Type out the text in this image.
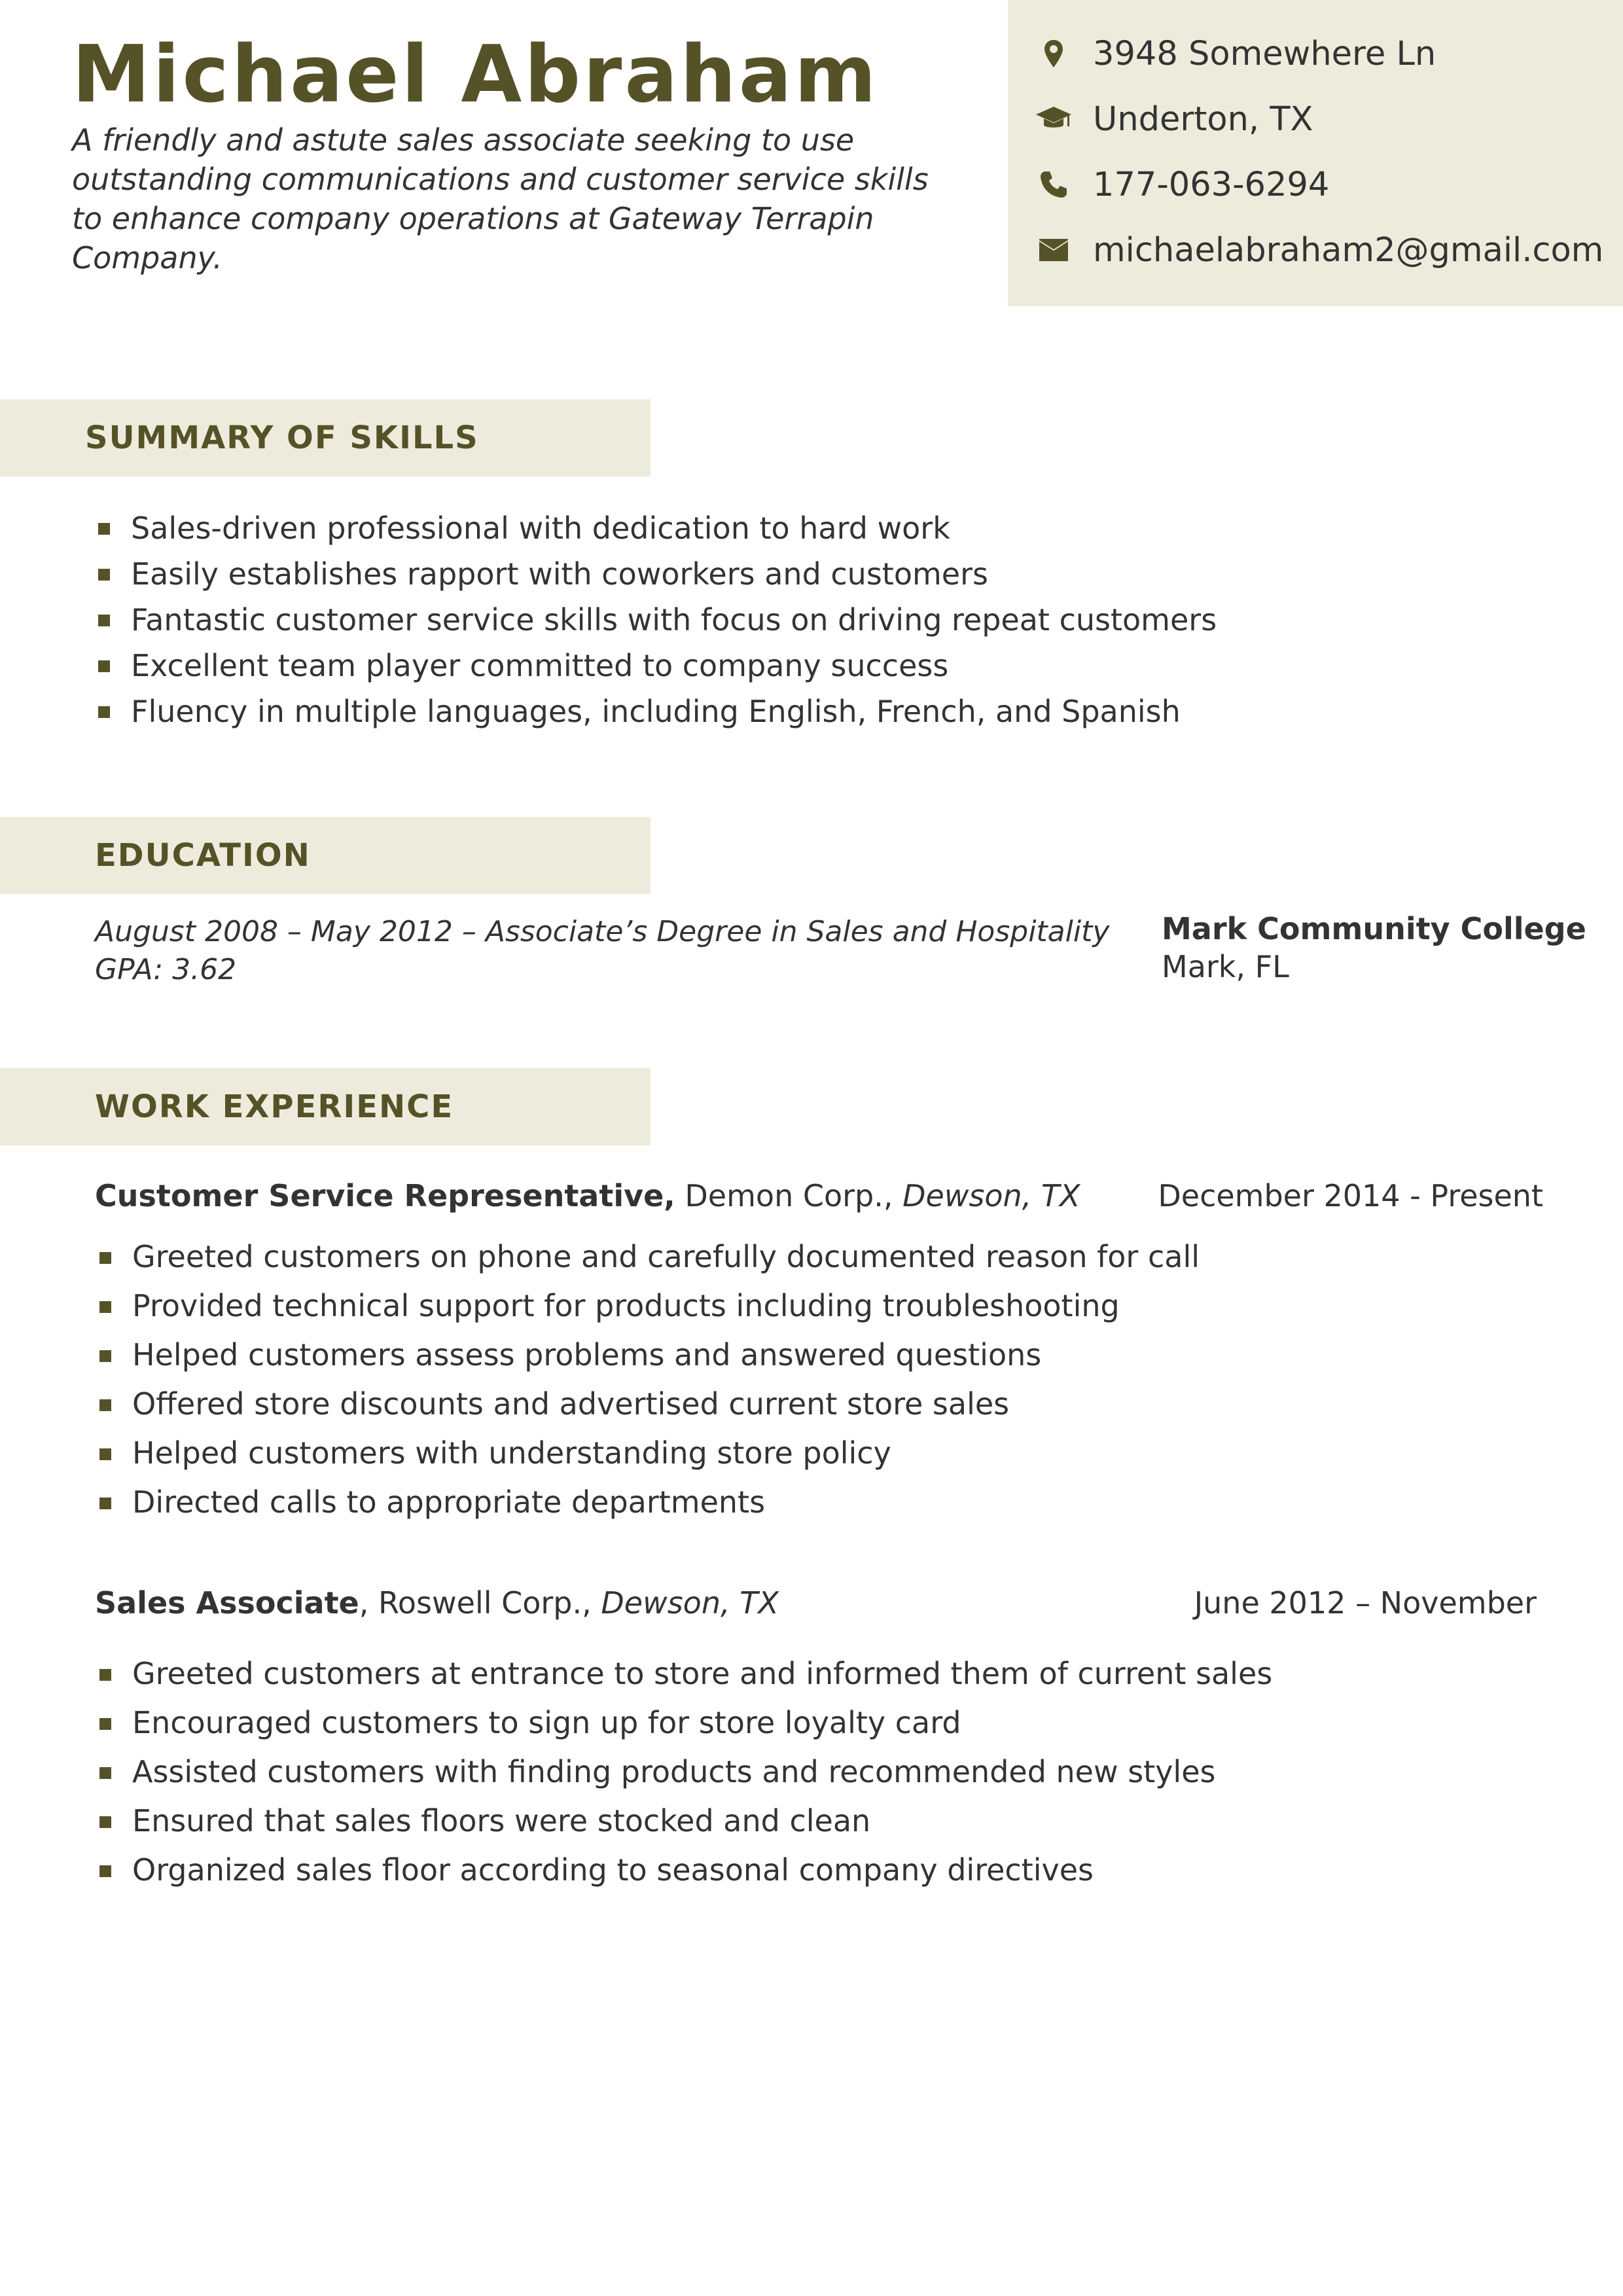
Michael Abraham

A friendly and astute sales associate seeking to use outstanding communications and customer service skills to enhance company operations at Gateway Terrapin Company.

3948 Somewhere Ln
Underton, TX
177-063-6294
michaelabraham2@gmail.com
SUMMARY OF SKILLS
Sales-driven professional with dedication to hard work
Easily establishes rapport with coworkers and customers
Fantastic customer service skills with focus on driving repeat customers
Excellent team player committed to company success
Fluency in multiple languages, including English, French, and Spanish
EDUCATION
August 2008 – May 2012 – Associate’s Degree in Sales and Hospitality
GPA: 3.62
Mark Community College
Mark, FL
WORK EXPERIENCE
Customer Service Representative, Demon Corp., Dewson, TX	December 2014 - Present
Greeted customers on phone and carefully documented reason for call
Provided technical support for products including troubleshooting
Helped customers assess problems and answered questions
Offered store discounts and advertised current store sales
Helped customers with understanding store policy
Directed calls to appropriate departments
Sales Associate, Roswell Corp., Dewson, TX	June 2012 – November
Greeted customers at entrance to store and informed them of current sales
Encouraged customers to sign up for store loyalty card
Assisted customers with finding products and recommended new styles
Ensured that sales floors were stocked and clean
Organized sales floor according to seasonal company directives
